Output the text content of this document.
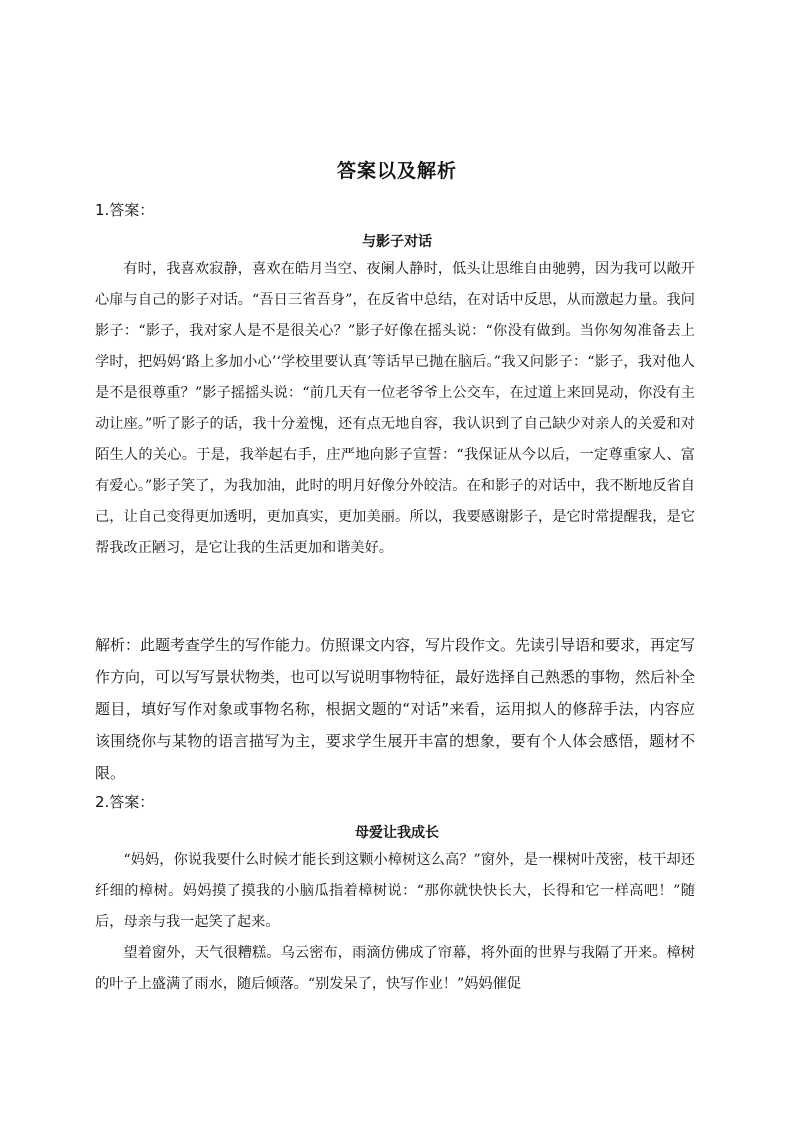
答案以及解析
1.答案：
与影子对话

有时，我喜欢寂静，喜欢在皓月当空、夜阑人静时，低头让思维自由驰骋，因为我可以敞开心扉与自己的影子对话。“吾日三省吾身”，在反省中总结，在对话中反思，从而激起力量。我问影子：“影子，我对家人是不是很关心？”影子好像在摇头说：“你没有做到。当你匆匆准备去上学时，把妈妈‘路上多加小心’‘学校里要认真’等话早已抛在脑后。”我又问影子：“影子，我对他人是不是很尊重？”影子摇摇头说：“前几天有一位老爷爷上公交车，在过道上来回晃动，你没有主动让座。”听了影子的话，我十分羞愧，还有点无地自容，我认识到了自己缺少对亲人的关爱和对陌生人的关心。于是，我举起右手，庄严地向影子宣誓：“我保证从今以后，一定尊重家人、富有爱心。”影子笑了，为我加油，此时的明月好像分外皎洁。在和影子的对话中，我不断地反省自己，让自己变得更加透明，更加真实，更加美丽。所以，我要感谢影子，是它时常提醒我，是它帮我改正陋习，是它让我的生活更加和谐美好。

解析：此题考查学生的写作能力。仿照课文内容，写片段作文。先读引导语和要求，再定写作方向，可以写写景状物类，也可以写说明事物特征，最好选择自己熟悉的事物，然后补全题目，填好写作对象或事物名称，根据文题的“对话”来看，运用拟人的修辞手法，内容应该围绕你与某物的语言描写为主，要求学生展开丰富的想象，要有个人体会感悟，题材不限。

2.答案：
母爱让我成长

“妈妈，你说我要什么时候才能长到这颗小樟树这么高？”窗外，是一棵树叶茂密，枝干却还纤细的樟树。妈妈摸了摸我的小脑瓜指着樟树说：“那你就快快长大，长得和它一样高吧！”随后，母亲与我一起笑了起来。

望着窗外，天气很糟糕。乌云密布，雨滴仿佛成了帘幕，将外面的世界与我隔了开来。樟树的叶子上盛满了雨水，随后倾落。“别发呆了，快写作业！”妈妈催促
